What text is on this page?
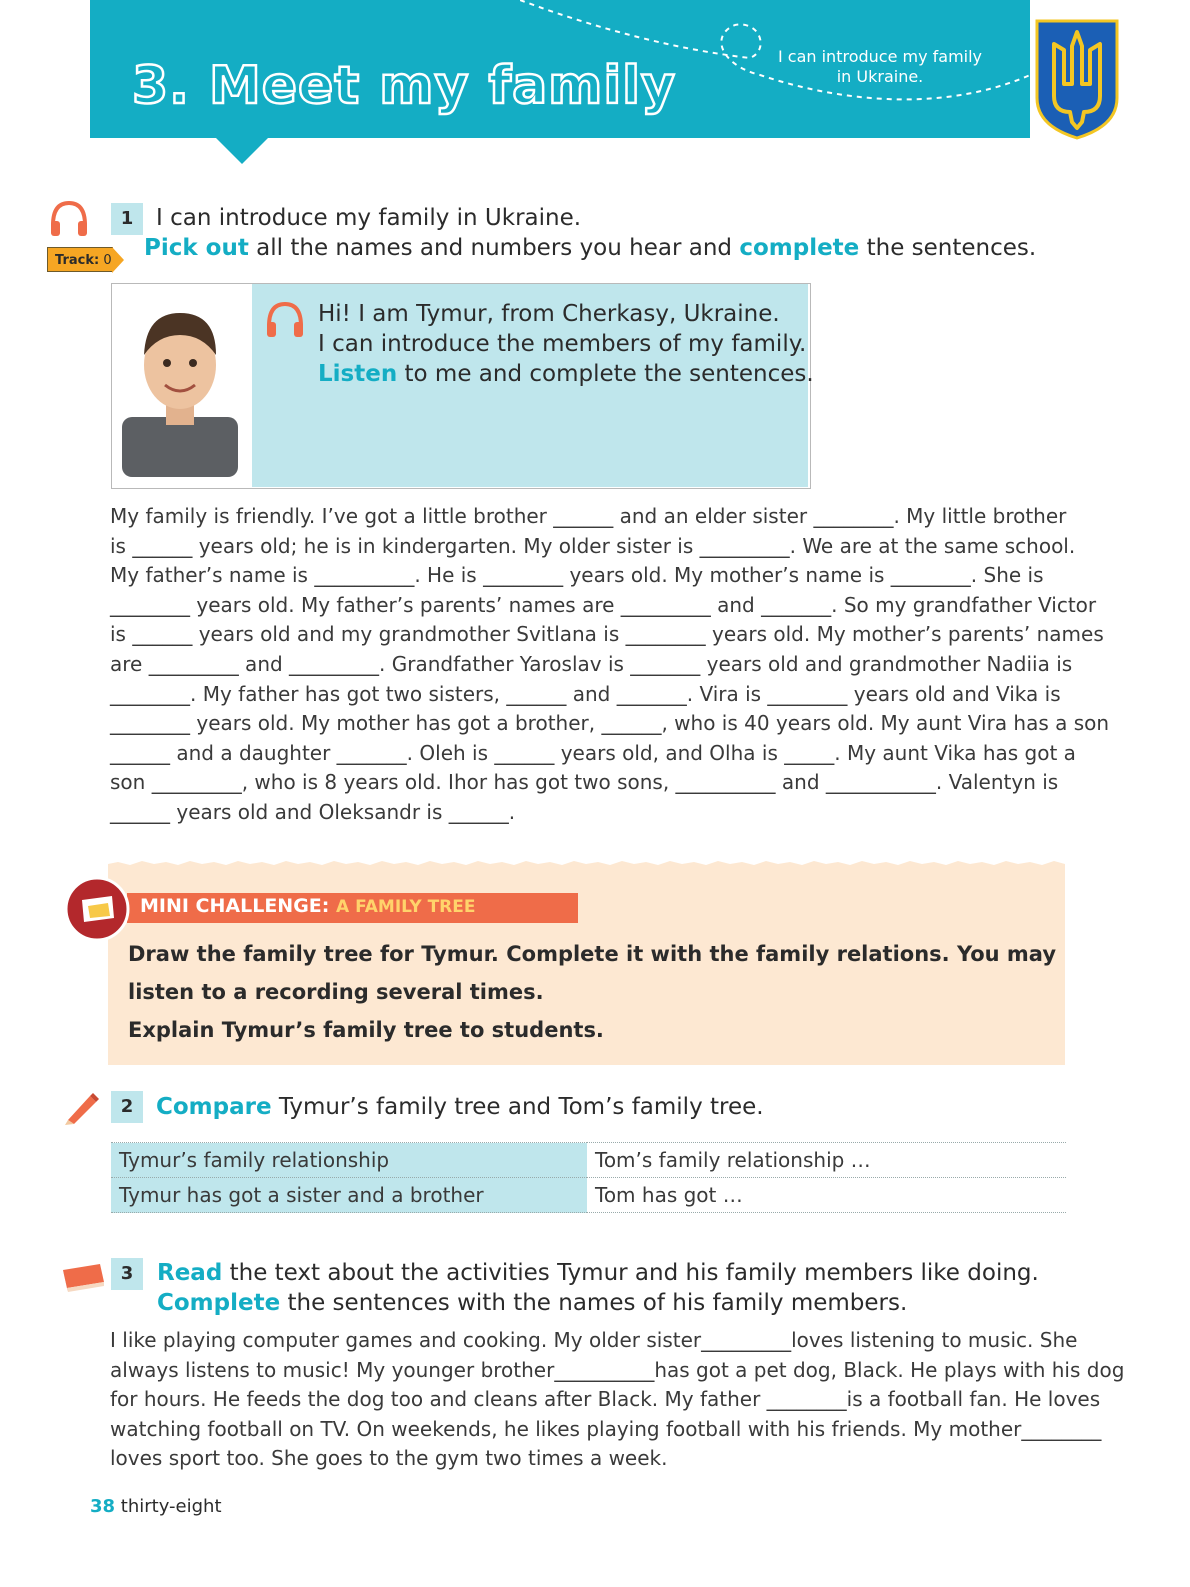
3. Meet my family	I can introduce my family
in Ukraine.
Track: 04
1 I can introduce my family in Ukraine.
Pick out all the names and numbers you hear and complete the sentences.
Hi! I am Tymur, from Cherkasy, Ukraine.
I can introduce the members of my family.
Listen to me and complete the sentences.
My family is friendly. I’ve got a little brother ______ and an elder sister ________. My little brother
is ______ years old; he is in kindergarten. My older sister is _________. We are at the same school.
My father’s name is __________. He is ________ years old. My mother’s name is ________. She is
________ years old. My father’s parents’ names are _________ and _______. So my grandfather Victor
is ______ years old and my grandmother Svitlana is ________ years old. My mother’s parents’ names
are _________ and _________. Grandfather Yaroslav is _______ years old and grandmother Nadiia is
________. My father has got two sisters, ______ and _______. Vira is ________ years old and Vika is
________ years old. My mother has got a brother, ______, who is 40 years old. My aunt Vira has a son
______ and a daughter _______. Oleh is ______ years old, and Olha is _____. My aunt Vika has got a
son _________, who is 8 years old. Ihor has got two sons, __________ and ___________. Valentyn is
______ years old and Oleksandr is ______.
MINI CHALLENGE: A FAMILY TREE
Draw the family tree for Tymur. Complete it with the family relations. You may
listen to a recording several times.
Explain Tymur’s family tree to students.
2 Compare Tymur’s family tree and Tom’s family tree.
Tymur’s family relationship	Tom’s family relationship …
Tymur has got a sister and a brother	Tom has got …
3	Read the text about the activities Tymur and his family members like doing.
Complete the sentences with the names of his family members.
I like playing computer games and cooking. My older sister_________loves listening to music. She
always listens to music! My younger brother__________has got a pet dog, Black. He plays with his dog
for hours. He feeds the dog too and cleans after Black. My father ________is a football fan. He loves
watching football on TV. On weekends, he likes playing football with his friends. My mother________
loves sport too. She goes to the gym two times a week.
38 thirty-eight
